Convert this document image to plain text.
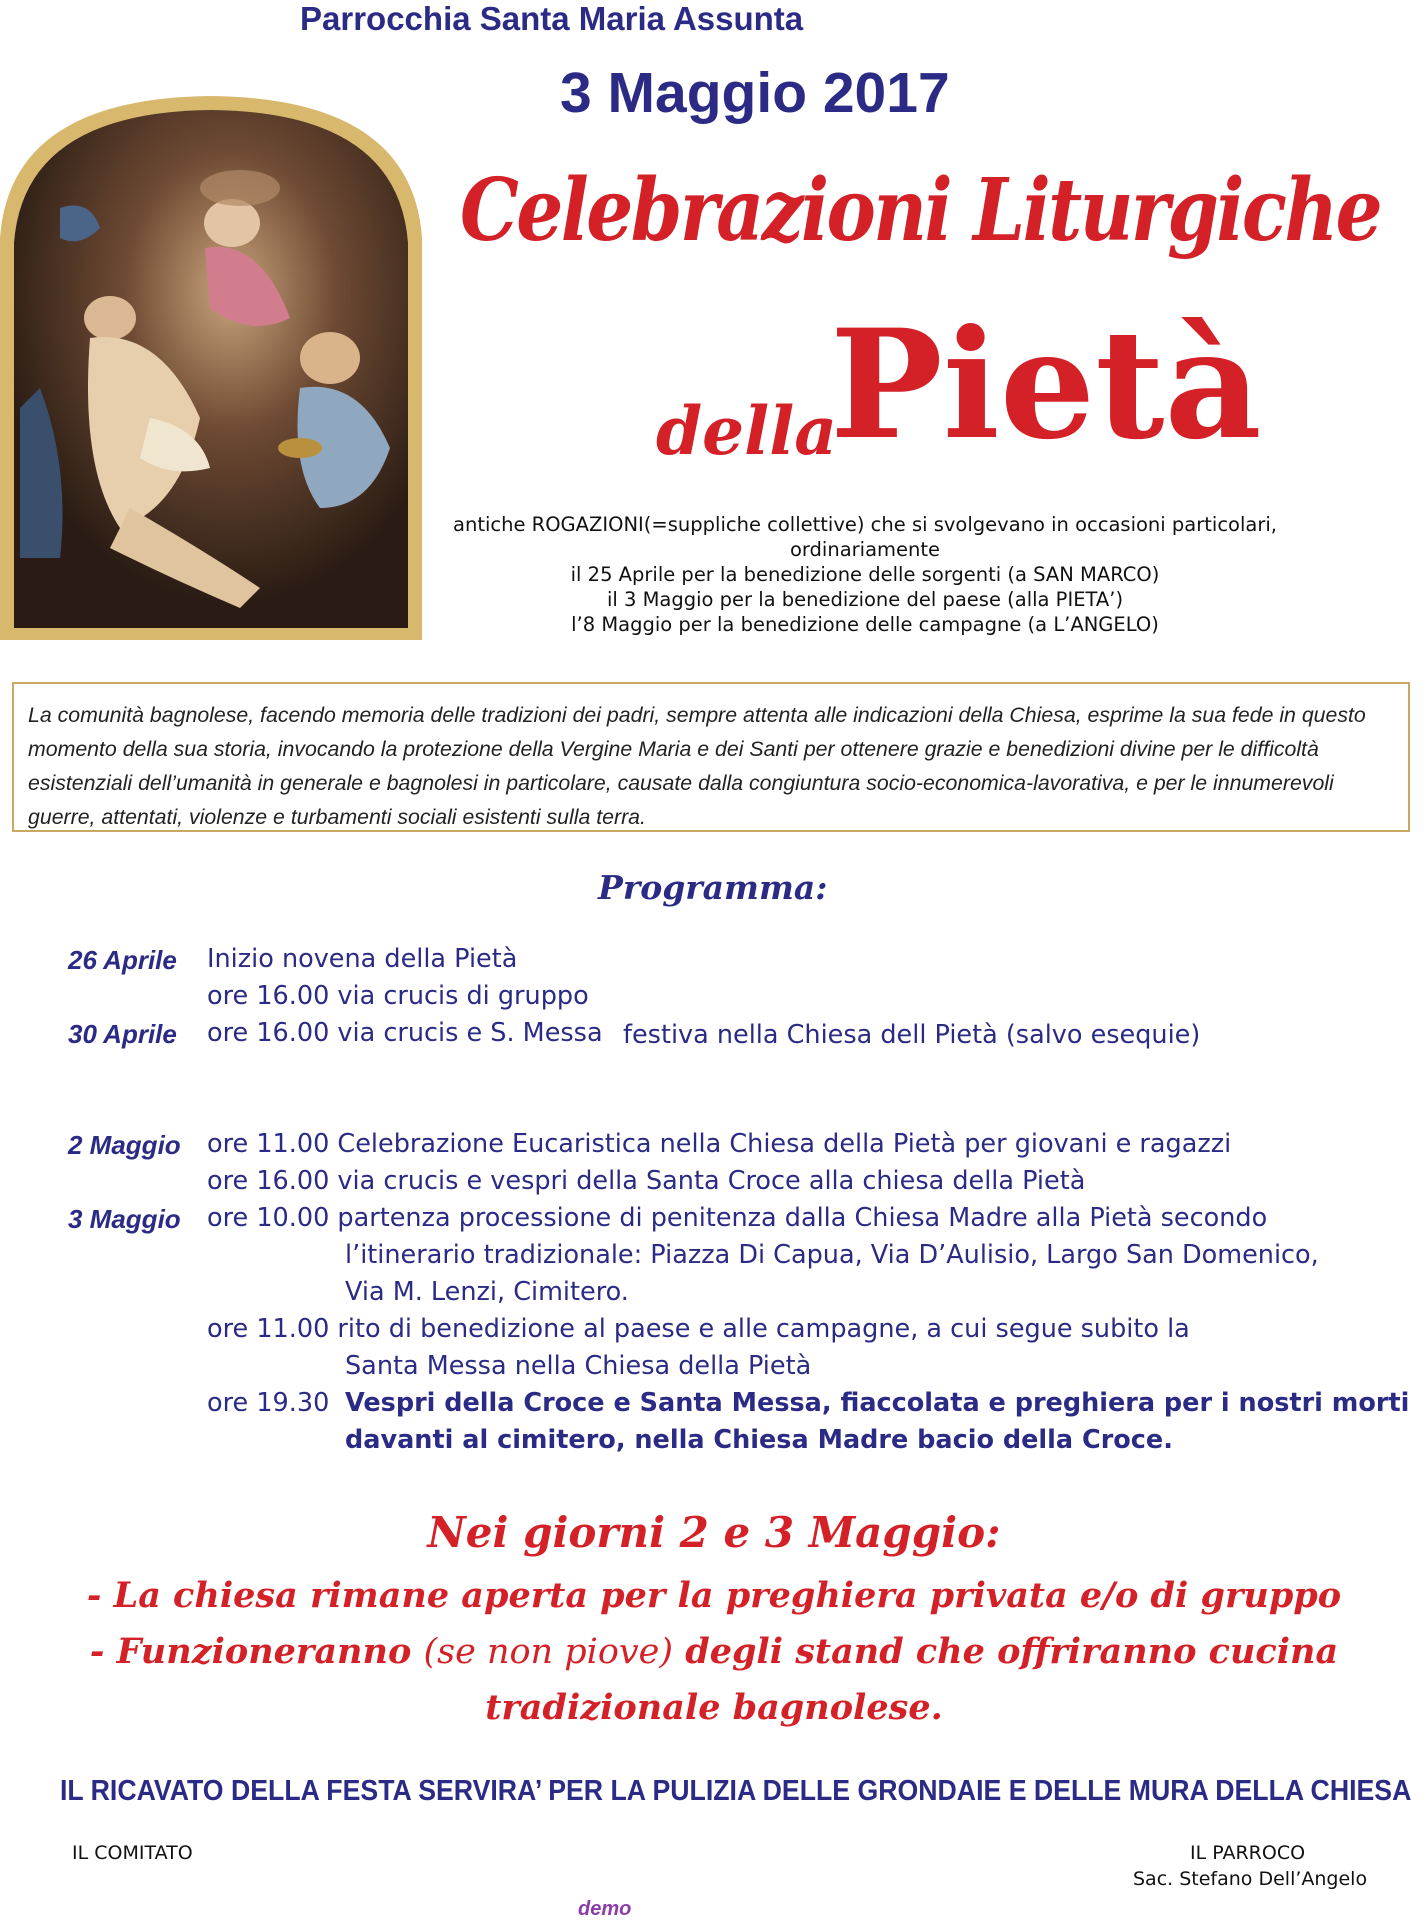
Parrocchia Santa Maria Assunta
3 Maggio 2017
Celebrazioni Liturgiche
della
Pietà
antiche ROGAZIONI(=suppliche collettive) che si svolgevano in occasioni particolari,
ordinariamente
il 25 Aprile per la benedizione delle sorgenti (a SAN MARCO)
il 3 Maggio per la benedizione del paese (alla PIETA’)
l’8 Maggio per la benedizione delle campagne (a L’ANGELO)

La comunità bagnolese, facendo memoria delle tradizioni dei padri, sempre attenta alle indicazioni della Chiesa, esprime la sua fede in questo momento della sua storia, invocando la protezione della Vergine Maria e dei Santi per ottenere grazie e benedizioni divine per le difficoltà esistenziali dell’umanità in generale e bagnolesi in particolare, causate dalla congiuntura socio-economica-lavorativa, e per le innumerevoli guerre, attentati, violenze e turbamenti sociali esistenti sulla terra.

Programma:
26 Aprile Inizio novena della Pietà
ore 16.00 via crucis di gruppo
30 Aprile ore 16.00 via crucis e S. Messa festiva nella Chiesa dell Pietà (salvo esequie)
2 Maggio ore 11.00 Celebrazione Eucaristica nella Chiesa della Pietà per giovani e ragazzi
ore 16.00 via crucis e vespri della Santa Croce alla chiesa della Pietà
3 Maggio ore 10.00 partenza processione di penitenza dalla Chiesa Madre alla Pietà secondo
l’itinerario tradizionale: Piazza Di Capua, Via D’Aulisio, Largo San Domenico,
Via M. Lenzi, Cimitero.
ore 11.00 rito di benedizione al paese e alle campagne, a cui segue subito la
Santa Messa nella Chiesa della Pietà
ore 19.30 Vespri della Croce e Santa Messa, fiaccolata e preghiera per i nostri morti
davanti al cimitero, nella Chiesa Madre bacio della Croce.
Nei giorni 2 e 3 Maggio:
- La chiesa rimane aperta per la preghiera privata e/o di gruppo
- Funzioneranno (se non piove) degli stand che offriranno cucina
tradizionale bagnolese.
IL RICAVATO DELLA FESTA SERVIRA’ PER LA PULIZIA DELLE GRONDAIE E DELLE MURA DELLA CHIESA
IL COMITATO	IL PARROCO
Sac. Stefano Dell’Angelo
demo
